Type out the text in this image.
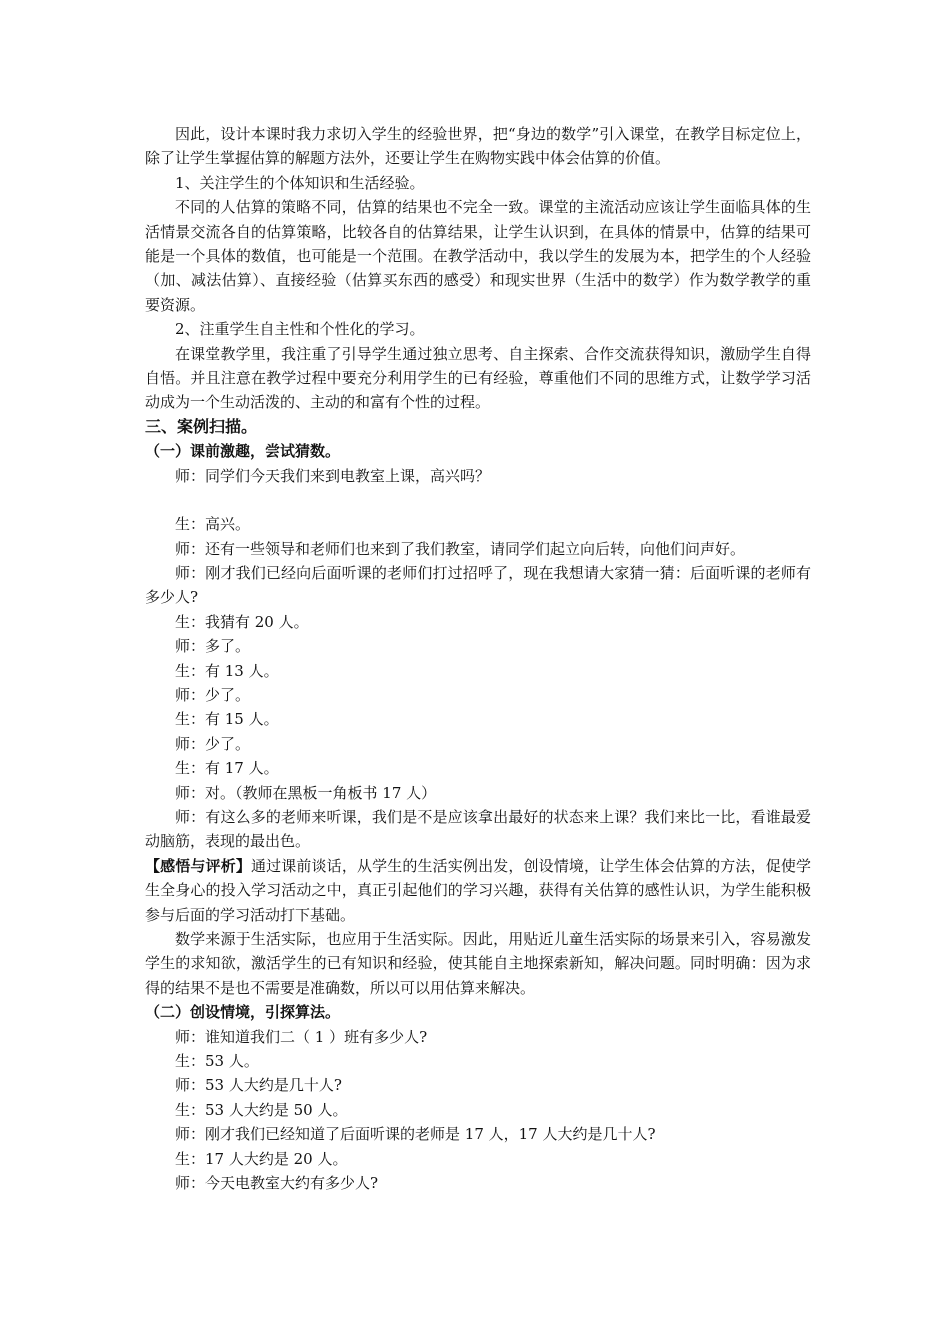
因此，设计本课时我力求切入学生的经验世界，把“身边的数学”引入课堂，在教学目标定位上，除了让学生掌握估算的解题方法外，还要让学生在购物实践中体会估算的价值。

1、关注学生的个体知识和生活经验。

不同的人估算的策略不同，估算的结果也不完全一致。课堂的主流活动应该让学生面临具体的生活情景交流各自的估算策略，比较各自的估算结果，让学生认识到，在具体的情景中，估算的结果可能是一个具体的数值，也可能是一个范围。在教学活动中，我以学生的发展为本，把学生的个人经验（加、减法估算）、直接经验（估算买东西的感受）和现实世界（生活中的数学）作为数学教学的重要资源。

2、注重学生自主性和个性化的学习。

在课堂教学里，我注重了引导学生通过独立思考、自主探索、合作交流获得知识，激励学生自得自悟。并且注意在教学过程中要充分利用学生的已有经验，尊重他们不同的思维方式，让数学学习活动成为一个生动活泼的、主动的和富有个性的过程。

三、案例扫描。

（一）课前激趣，尝试猜数。

师：同学们今天我们来到电教室上课，高兴吗？

生：高兴。

师：还有一些领导和老师们也来到了我们教室，请同学们起立向后转，向他们问声好。

师：刚才我们已经向后面听课的老师们打过招呼了，现在我想请大家猜一猜：后面听课的老师有多少人?

生：我猜有 20 人。

师：多了。

生：有 13 人。

师：少了。

生：有 15 人。

师：少了。

生：有 17 人。

师：对。（教师在黑板一角板书 17 人）

师：有这么多的老师来听课，我们是不是应该拿出最好的状态来上课？我们来比一比，看谁最爱动脑筋，表现的最出色。

【感悟与评析】通过课前谈话，从学生的生活实例出发，创设情境，让学生体会估算的方法，促使学生全身心的投入学习活动之中，真正引起他们的学习兴趣，获得有关估算的感性认识，为学生能积极参与后面的学习活动打下基础。

数学来源于生活实际，也应用于生活实际。因此，用贴近儿童生活实际的场景来引入，容易激发学生的求知欲，激活学生的已有知识和经验，使其能自主地探索新知，解决问题。同时明确：因为求得的结果不是也不需要是准确数，所以可以用估算来解决。

（二）创设情境，引探算法。

师：谁知道我们二（ 1 ）班有多少人?

生：53 人。

师：53 人大约是几十人?

生：53 人大约是 50 人。

师：刚才我们已经知道了后面听课的老师是 17 人，17 人大约是几十人?

生：17 人大约是 20 人。

师：今天电教室大约有多少人?
